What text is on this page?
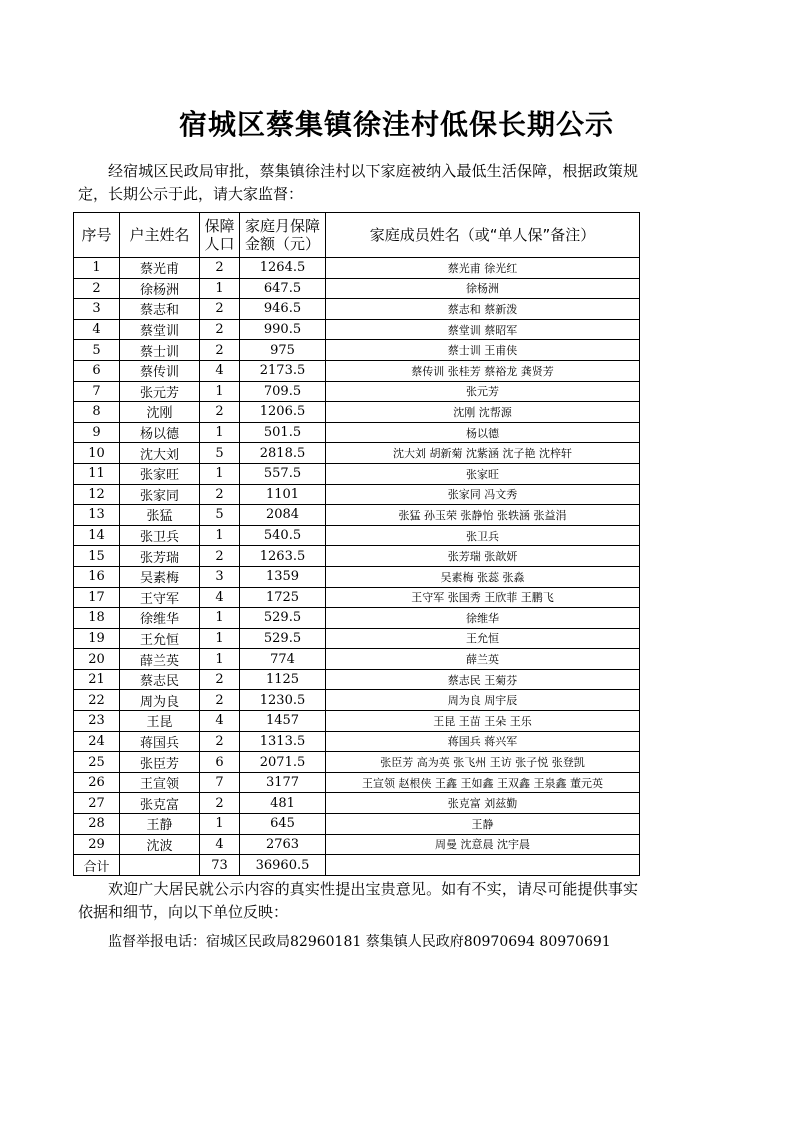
宿城区蔡集镇徐洼村低保长期公示
经宿城区民政局审批，蔡集镇徐洼村以下家庭被纳入最低生活保障，根据政策规定，长期公示于此，请大家监督：
序号	户主姓名	保障人口	家庭月保障金额（元）	家庭成员姓名（或“单人保”备注）
1	蔡光甫	2	1264.5	蔡光甫 徐光红
2	徐杨洲	1	647.5	徐杨洲
3	蔡志和	2	946.5	蔡志和 蔡新泼
4	蔡堂训	2	990.5	蔡堂训 蔡昭军
5	蔡士训	2	975	蔡士训 王甫侠
6	蔡传训	4	2173.5	蔡传训 张桂芳 蔡裕龙 龚贤芳
7	张元芳	1	709.5	张元芳
8	沈刚	2	1206.5	沈刚 沈帮源
9	杨以德	1	501.5	杨以德
10	沈大刘	5	2818.5	沈大刘 胡新菊 沈紫涵 沈子艳 沈梓轩
11	张家旺	1	557.5	张家旺
12	张家同	2	1101	张家同 冯文秀
13	张猛	5	2084	张猛 孙玉荣 张静怡 张轶涵 张益涓
14	张卫兵	1	540.5	张卫兵
15	张芳瑞	2	1263.5	张芳瑞 张歆妍
16	吴素梅	3	1359	吴素梅 张蕊 张淼
17	王守军	4	1725	王守军 张国秀 王欣菲 王鹏飞
18	徐维华	1	529.5	徐维华
19	王允恒	1	529.5	王允恒
20	薛兰英	1	774	薛兰英
21	蔡志民	2	1125	蔡志民 王菊芬
22	周为良	2	1230.5	周为良 周宇辰
23	王昆	4	1457	王昆 王苗 王朵 王乐
24	蒋国兵	2	1313.5	蒋国兵 蒋兴军
25	张臣芳	6	2071.5	张臣芳 高为英 张飞州 王访 张子悦 张登凯
26	王宣领	7	3177	王宣领 赵根侠 王鑫 王如鑫 王双鑫 王泉鑫 董元英
27	张克富	2	481	张克富 刘兹勤
28	王静	1	645	王静
29	沈波	4	2763	周曼 沈意晨 沈宇晨
合计		73	36960.5	
欢迎广大居民就公示内容的真实性提出宝贵意见。如有不实，请尽可能提供事实依据和细节，向以下单位反映：
监督举报电话：宿城区民政局82960181 蔡集镇人民政府80970694 80970691
